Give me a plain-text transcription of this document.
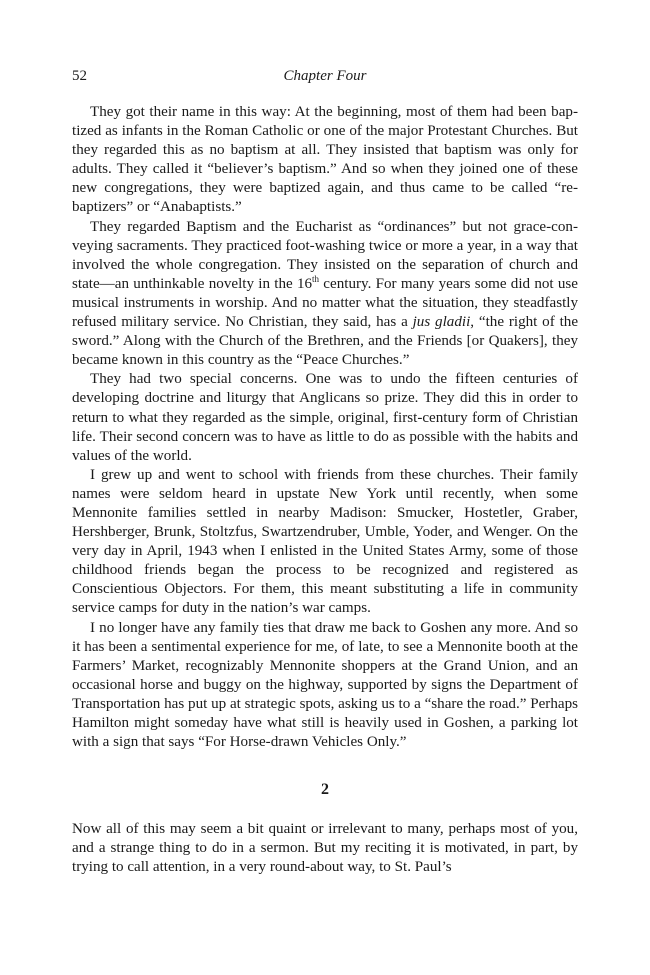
52	Chapter Four

They got their name in this way: At the beginning, most of them had been baptized as infants in the Roman Catholic or one of the major Protestant Churches. But they regarded this as no baptism at all. They insisted that baptism was only for adults. They called it “believer’s baptism.” And so when they joined one of these new congregations, they were baptized again, and thus came to be called “re-baptizers” or “Anabaptists.”

They regarded Baptism and the Eucharist as “ordinances” but not grace-conveying sacraments. They practiced foot-washing twice or more a year, in a way that involved the whole congregation. They insisted on the separation of church and state—an unthinkable novelty in the 16th century. For many years some did not use musical instruments in worship. And no matter what the situation, they steadfastly refused military service. No Christian, they said, has a jus gladii, “the right of the sword.” Along with the Church of the Brethren, and the Friends [or Quakers], they became known in this country as the “Peace Churches.”

They had two special concerns. One was to undo the fifteen centuries of developing doctrine and liturgy that Anglicans so prize. They did this in order to return to what they regarded as the simple, original, first-century form of Christian life. Their second concern was to have as little to do as possible with the habits and values of the world.

I grew up and went to school with friends from these churches. Their family names were seldom heard in upstate New York until recently, when some Mennonite families settled in nearby Madison: Smucker, Hostetler, Graber, Hershberger, Brunk, Stoltzfus, Swartzendruber, Umble, Yoder, and Wenger. On the very day in April, 1943 when I enlisted in the United States Army, some of those childhood friends began the process to be recognized and registered as Conscientious Objectors. For them, this meant substituting a life in community service camps for duty in the nation’s war camps.

I no longer have any family ties that draw me back to Goshen any more. And so it has been a sentimental experience for me, of late, to see a Mennonite booth at the Farmers’ Market, recognizably Mennonite shoppers at the Grand Union, and an occasional horse and buggy on the highway, supported by signs the Department of Transportation has put up at strategic spots, asking us to a “share the road.” Perhaps Hamilton might someday have what still is heavily used in Goshen, a parking lot with a sign that says “For Horse-drawn Vehicles Only.”

2

Now all of this may seem a bit quaint or irrelevant to many, perhaps most of you, and a strange thing to do in a sermon. But my reciting it is motivated, in part, by trying to call attention, in a very round-about way, to St. Paul’s
